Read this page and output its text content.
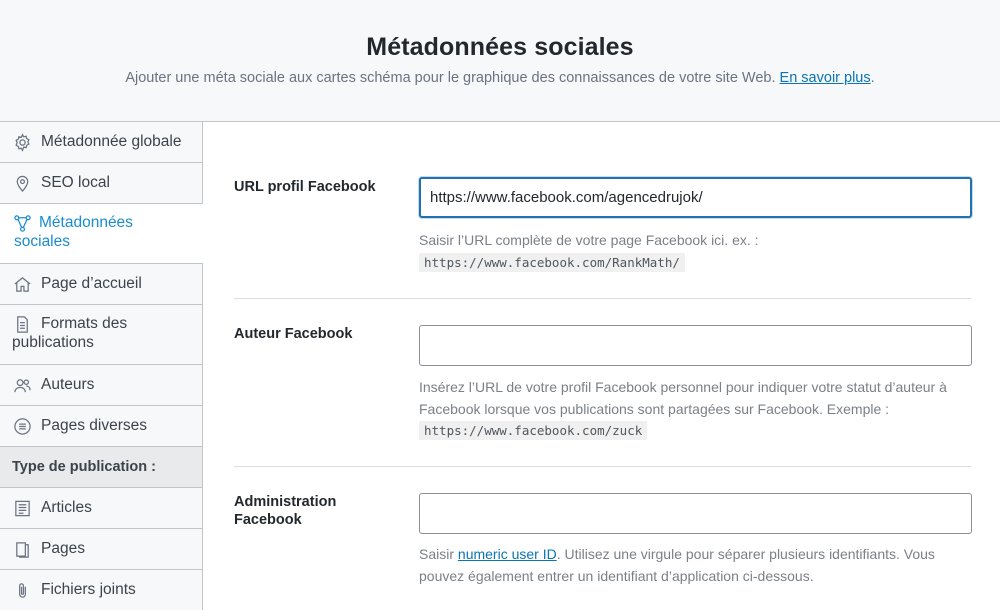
Métadonnées sociales

Ajouter une méta sociale aux cartes schéma pour le graphique des connaissances de votre site Web. En savoir plus.

Métadonnée globale
SEO local
Métadonnées
sociales
Page d’accueil
Formats des
publications
Auteurs
Pages diverses
Type de publication :
Articles
Pages
Fichiers joints
URL profil Facebook
https://www.facebook.com/agencedrujok/
Saisir l’URL complète de votre page Facebook ici. ex. :
https://www.facebook.com/RankMath/
Auteur Facebook
Insérez l’URL de votre profil Facebook personnel pour indiquer votre statut d’auteur à Facebook lorsque vos publications sont partagées sur Facebook. Exemple :
https://www.facebook.com/zuck
Administration Facebook
Saisir numeric user ID. Utilisez une virgule pour séparer plusieurs identifiants. Vous pouvez également entrer un identifiant d’application ci-dessous.
